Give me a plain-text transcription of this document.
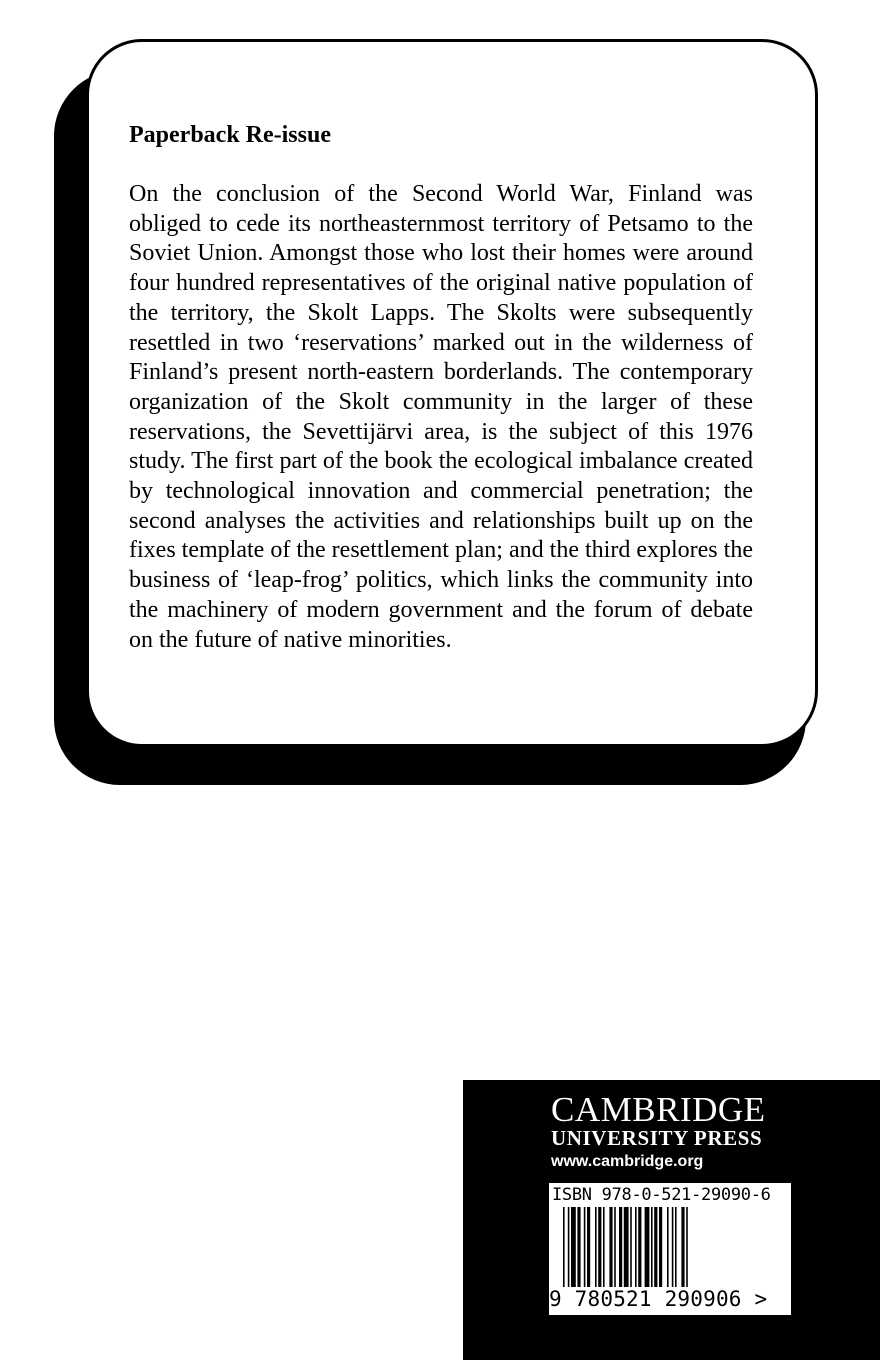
Paperback Re-issue

On the conclusion of the Second World War, Finland was obliged to cede its northeasternmost territory of Petsamo to the Soviet Union. Amongst those who lost their homes were around four hundred representatives of the original native population of the territory, the Skolt Lapps. The Skolts were subsequently resettled in two ‘reservations’ marked out in the wilderness of Finland’s present north-eastern borderlands. The contemporary organization of the Skolt community in the larger of these reservations, the Sevettijärvi area, is the subject of this 1976 study. The first part of the book the ecological imbalance created by technological innovation and commercial penetration; the second analyses the activities and relationships built up on the fixes template of the resettlement plan; and the third explores the business of ‘leap-frog’ politics, which links the community into the machinery of modern government and the forum of debate on the future of native minorities.

CAMBRIDGE
UNIVERSITY PRESS
www.cambridge.org
ISBN 978-0-521-29090-6
9 780521 290906 >
